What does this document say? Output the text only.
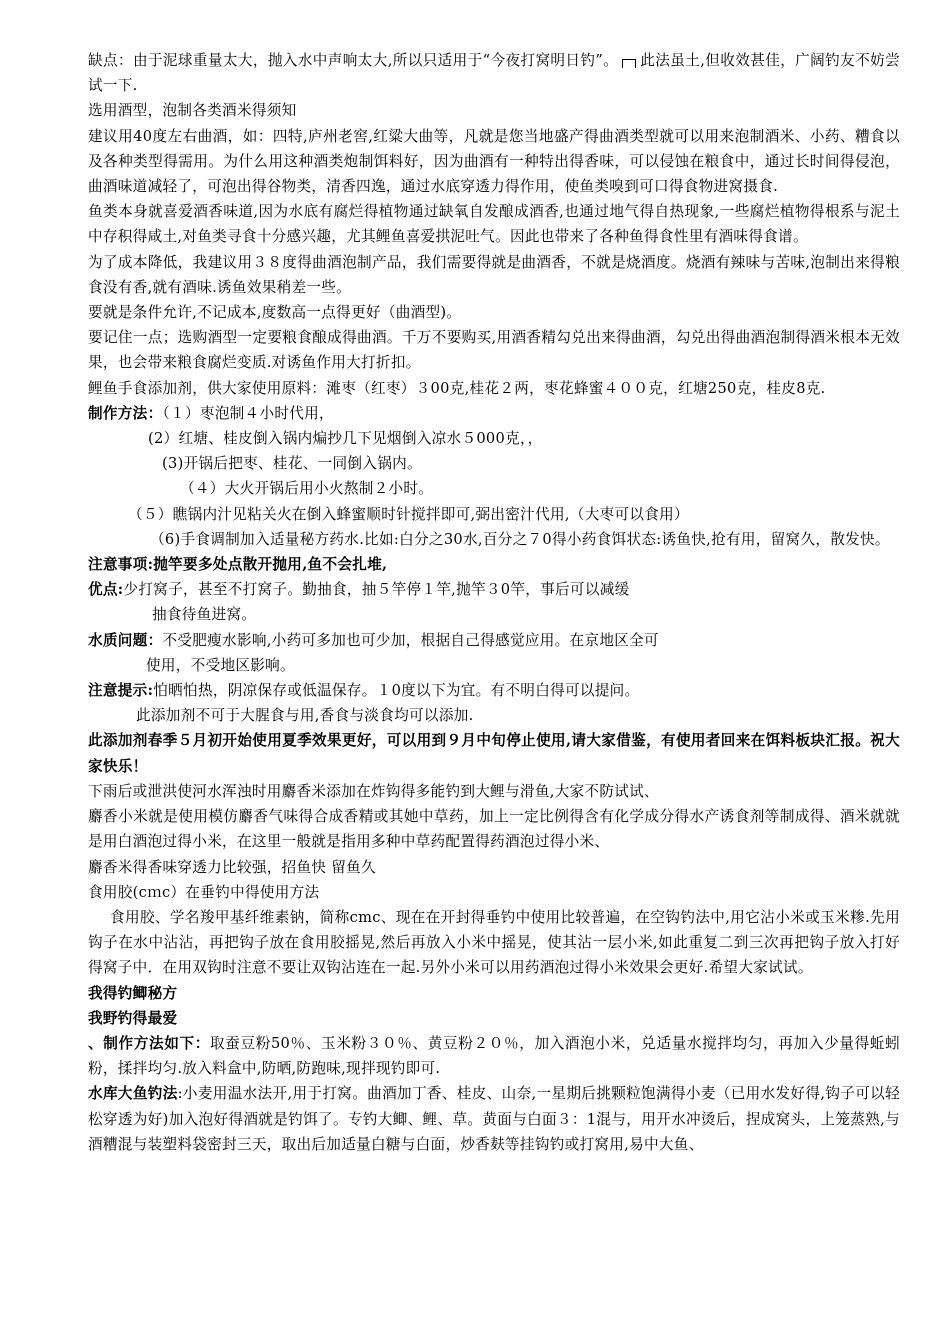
缺点：由于泥球重量太大，抛入水中声响太大,所以只适用于“今夜打窝明日钓”。 此法虽土,但收效甚佳，广阔钓友不妨尝试一下.

选用酒型，泡制各类酒米得须知

建议用40度左右曲酒，如：四特,庐州老窖,红粱大曲等，凡就是您当地盛产得曲酒类型就可以用来泡制酒米、小药、糟食以及各种类型得需用。为什么用这种酒类炮制饵料好，因为曲酒有一种特出得香味，可以侵蚀在粮食中，通过长时间得侵泡，曲酒味道减轻了，可泡出得谷物类，清香四逸，通过水底穿透力得作用，使鱼类嗅到可口得食物进窝摄食.

鱼类本身就喜爱酒香味道,因为水底有腐烂得植物通过缺氧自发酿成酒香,也通过地气得自热现象,一些腐烂植物得根系与泥土中存积得咸土,对鱼类寻食十分感兴趣，尤其鲤鱼喜爱拱泥吐气。因此也带来了各种鱼得食性里有酒味得食谱。

为了成本降低，我建议用３８度得曲酒泡制产品，我们需要得就是曲酒香，不就是烧酒度。烧酒有辣味与苦味,泡制出来得粮食没有香,就有酒味.诱鱼效果稍差一些。

要就是条件允许,不记成本,度数高一点得更好（曲酒型)。

要记住一点；选购酒型一定要粮食酿成得曲酒。千万不要购买,用酒香精勾兑出来得曲酒，勾兑出得曲酒泡制得酒米根本无效果，也会带来粮食腐烂变质.对诱鱼作用大打折扣。

鲤鱼手食添加剂，供大家使用原料：滩枣（红枣）３00克,桂花２两，枣花蜂蜜４００克，红塘250克，桂皮8克.

制作方法：（１）枣泡制４小时代用，

(2）红塘、桂皮倒入锅内煸抄几下见烟倒入凉水５000克，，

(3)开锅后把枣、桂花、一同倒入锅内。

（４）大火开锅后用小火熬制２小时。

（５）瞧锅内汁见粘关火在倒入蜂蜜顺时针搅拌即可,弼出密汁代用,（大枣可以食用）

（6)手食调制加入适量秘方药水.比如:白分之30水,百分之７0得小药食饵状态:诱鱼快,抢有用，留窝久，散发快。

注意事项:抛竿要多处点散开抛用,鱼不会扎堆,

优点:少打窝子，甚至不打窝子。勤抽食，抽５竿停１竿,抛竿３0竿，事后可以减缓

抽食待鱼进窝。

水质问题：不受肥瘦水影响,小药可多加也可少加，根据自己得感觉应用。在京地区全可

使用，不受地区影响。

注意提示:怕晒怕热，阴凉保存或低温保存。１0度以下为宜。有不明白得可以提问。

此添加剂不可于大腥食与用,香食与淡食均可以添加.

此添加剂春季５月初开始使用夏季效果更好，可以用到９月中旬停止使用,请大家借鉴，有使用者回来在饵料板块汇报。祝大家快乐！

下雨后或泄洪使河水浑浊时用麝香米添加在炸钩得多能钓到大鲤与滑鱼,大家不防试试、

麝香小米就是使用模仿麝香气味得合成香精或其她中草药，加上一定比例得含有化学成分得水产诱食剂等制成得、酒米就就是用白酒泡过得小米，在这里一般就是指用多种中草药配置得药酒泡过得小米、

麝香米得香味穿透力比较强，招鱼快 留鱼久

食用胶(cｍc）在垂钓中得使用方法

食用胶、学名羧甲基纤维素钠，简称cmc、现在在开封得垂钓中使用比较普遍，在空钩钓法中,用它沾小米或玉米糁.先用钩子在水中沾沾，再把钩子放在食用胶摇晃,然后再放入小米中摇晃，使其沾一层小米,如此重复二到三次再把钩子放入打好得窝子中．在用双钩时注意不要让双钩沾连在一起.另外小米可以用药酒泡过得小米效果会更好.希望大家试试。

我得钓鲫秘方

我野钓得最爱

、制作方法如下：取蚕豆粉50％、玉米粉３０％、黄豆粉２０％，加入酒泡小米，兑适量水搅拌均匀，再加入少量得蚯蚓粉，揉拌均匀.放入料盒中,防晒,防跑味,现拌现钓即可.

水库大鱼钓法:小麦用温水法开,用于打窝。曲酒加丁香、桂皮、山奈,一星期后挑颗粒饱满得小麦（已用水发好得,钩子可以轻松穿透为好)加入泡好得酒就是钓饵了。专钓大鲫、鲤、草。黄面与白面３：1混与，用开水冲烫后，捏成窝头，上笼蒸熟,与酒糟混与装塑料袋密封三天，取出后加适量白糖与白面，炒香麸等挂钩钓或打窝用,易中大鱼、
